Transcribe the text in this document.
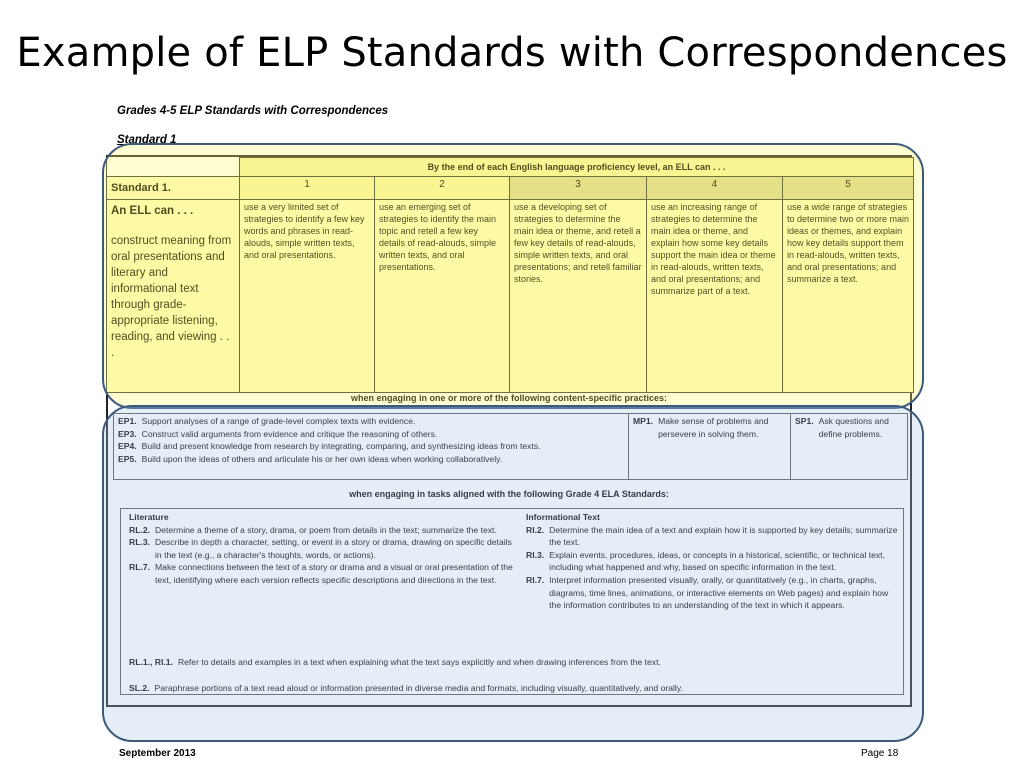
Example of ELP Standards with Correspondences
Grades 4-5 ELP Standards with Correspondences
Standard 1
	By the end of each English language proficiency level, an ELL can . . .				
Standard 1.	1	2	3	4	5

An ELL can . . .
construct meaning from oral presentations and literary and informational text through grade-appropriate listening, reading, and viewing . . .	use a very limited set of strategies to identify a few key words and phrases in read-alouds, simple written texts, and oral presentations.	use an emerging set of strategies to identify the main topic and retell a few key details of read-alouds, simple written texts, and oral presentations.	use a developing set of strategies to determine the main idea or theme, and retell a few key details of read-alouds, simple written texts, and oral presentations; and retell familiar stories.	use an increasing range of strategies to determine the main idea or theme, and explain how some key details support the main idea or theme in read-alouds, written texts, and oral presentations; and summarize part of a text.	use a wide range of strategies to determine two or more main ideas or themes, and explain how key details support them in read-alouds, written texts, and oral presentations; and summarize a text.
when engaging in one or more of the following content-specific practices:
EP1. Support analyses of a range of grade-level complex texts with evidence.
EP3. Construct valid arguments from evidence and critique the reasoning of others.
EP4. Build and present knowledge from research by integrating, comparing, and synthesizing ideas from texts.
EP5. Build upon the ideas of others and articulate his or her own ideas when working collaboratively.
MP1. Make sense of problems and persevere in solving them.
SP1. Ask questions and define problems.
when engaging in tasks aligned with the following Grade 4 ELA Standards:
Literature
RL.2. Determine a theme of a story, drama, or poem from details in the text; summarize the text.
RL.3. Describe in depth a character, setting, or event in a story or drama, drawing on specific details in the text (e.g., a character's thoughts, words, or actions).
RL.7. Make connections between the text of a story or drama and a visual or oral presentation of the text, identifying where each version reflects specific descriptions and directions in the text.
Informational Text
RI.2. Determine the main idea of a text and explain how it is supported by key details; summarize the text.
RI.3. Explain events, procedures, ideas, or concepts in a historical, scientific, or technical text, including what happened and why, based on specific information in the text.
RI.7. Interpret information presented visually, orally, or quantitatively (e.g., in charts, graphs, diagrams, time lines, animations, or interactive elements on Web pages) and explain how the information contributes to an understanding of the text in which it appears.
RL.1., RI.1. Refer to details and examples in a text when explaining what the text says explicitly and when drawing inferences from the text.
SL.2. Paraphrase portions of a text read aloud or information presented in diverse media and formats, including visually, quantitatively, and orally.
September 2013	Page 18
